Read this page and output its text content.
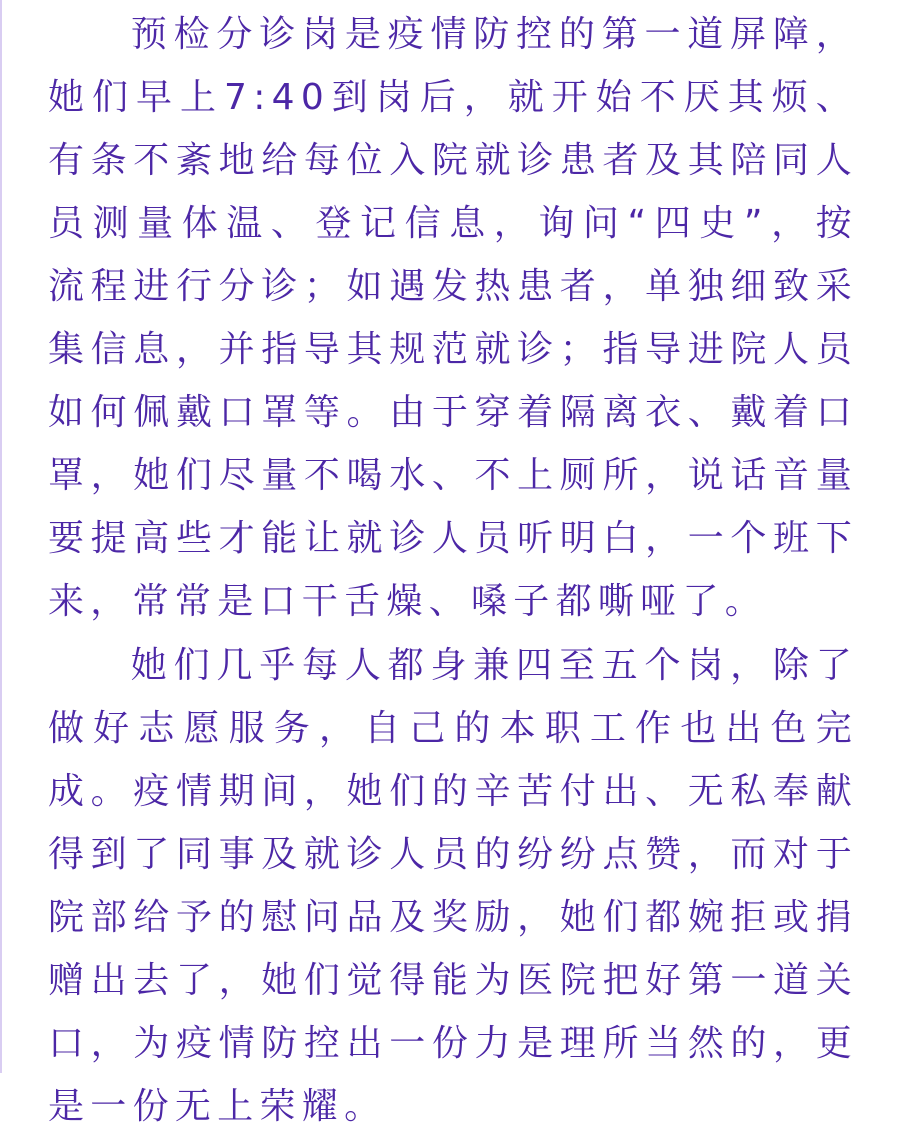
预检分诊岗是疫情防控的第一道屏障，她们早上7:40到岗后，就开始不厌其烦、有条不紊地给每位入院就诊患者及其陪同人员测量体温、登记信息，询问“四史”，按流程进行分诊；如遇发热患者，单独细致采集信息，并指导其规范就诊；指导进院人员如何佩戴口罩等。由于穿着隔离衣、戴着口罩，她们尽量不喝水、不上厕所，说话音量要提高些才能让就诊人员听明白，一个班下来，常常是口干舌燥、嗓子都嘶哑了。

她们几乎每人都身兼四至五个岗，除了做好志愿服务，自己的本职工作也出色完成。疫情期间，她们的辛苦付出、无私奉献得到了同事及就诊人员的纷纷点赞，而对于院部给予的慰问品及奖励，她们都婉拒或捐赠出去了，她们觉得能为医院把好第一道关口，为疫情防控出一份力是理所当然的，更是一份无上荣耀。
